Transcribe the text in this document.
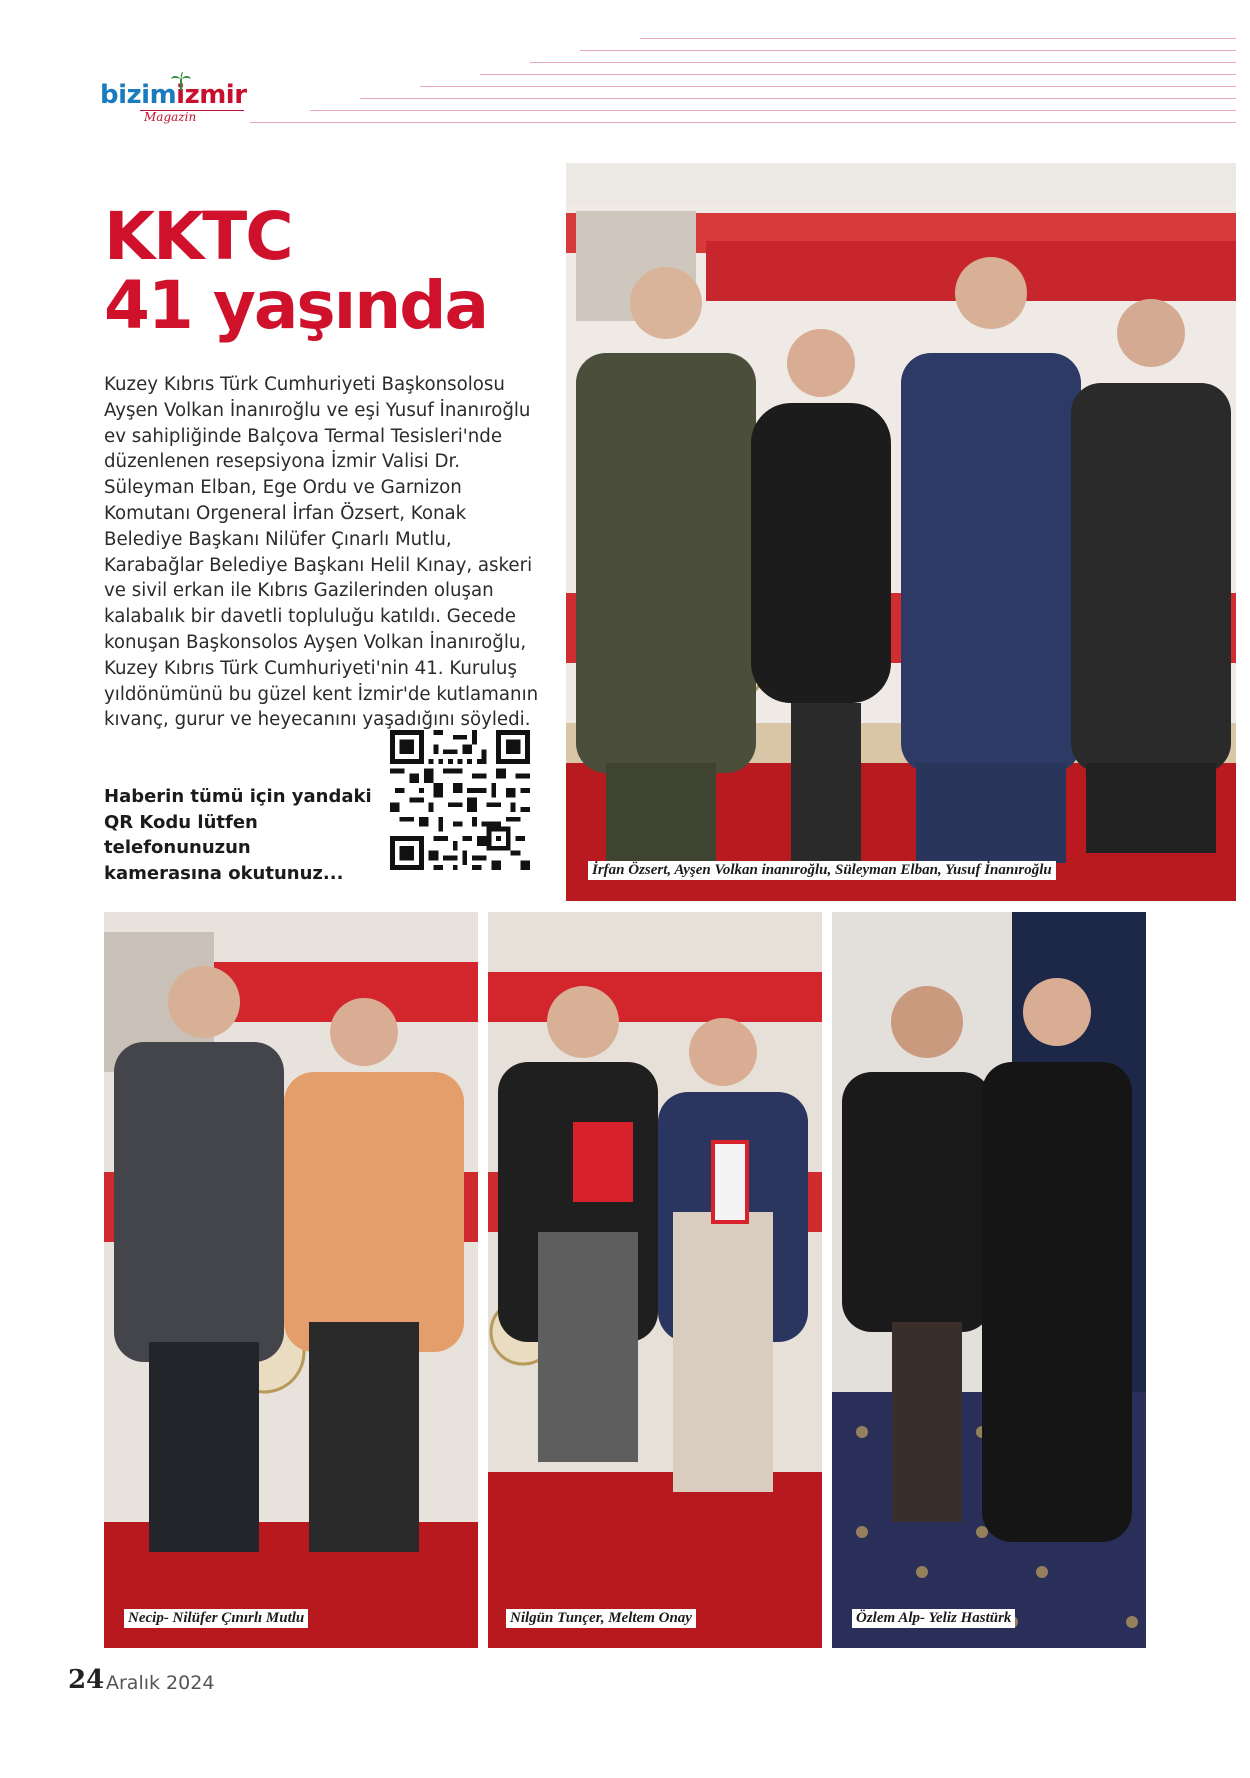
bizimizmir
Magazin
KKTC
41 yaşında
Kuzey Kıbrıs Türk Cumhuriyeti Başkonsolosu Ayşen Volkan İnanıroğlu ve eşi Yusuf İnanıroğlu ev sahipliğinde Balçova Termal Tesisleri'nde düzenlenen resepsiyona İzmir Valisi Dr. Süleyman Elban, Ege Ordu ve Garnizon Komutanı Orgeneral İrfan Özsert, Konak Belediye Başkanı Nilüfer Çınarlı Mutlu, Karabağlar Belediye Başkanı Helil Kınay, askeri ve sivil erkan ile Kıbrıs Gazilerinden oluşan kalabalık bir davetli topluluğu katıldı. Gecede konuşan Başkonsolos Ayşen Volkan İnanıroğlu, Kuzey Kıbrıs Türk Cumhuriyeti'nin 41. Kuruluş yıldönümünü bu güzel kent İzmir'de kutlamanın kıvanç, gurur ve heyecanını yaşadığını söyledi.
Haberin tümü için yandaki QR Kodu lütfen telefonunuzun kamerasına okutunuz...	İrfan Özsert, Ayşen Volkan inanıroğlu, Süleyman Elban, Yusuf İnanıroğlu
Necip- Nilüfer Çınırlı Mutlu	Nilgün Tunçer, Meltem Onay	Özlem Alp- Yeliz Hastürk
24 Aralık 2024
